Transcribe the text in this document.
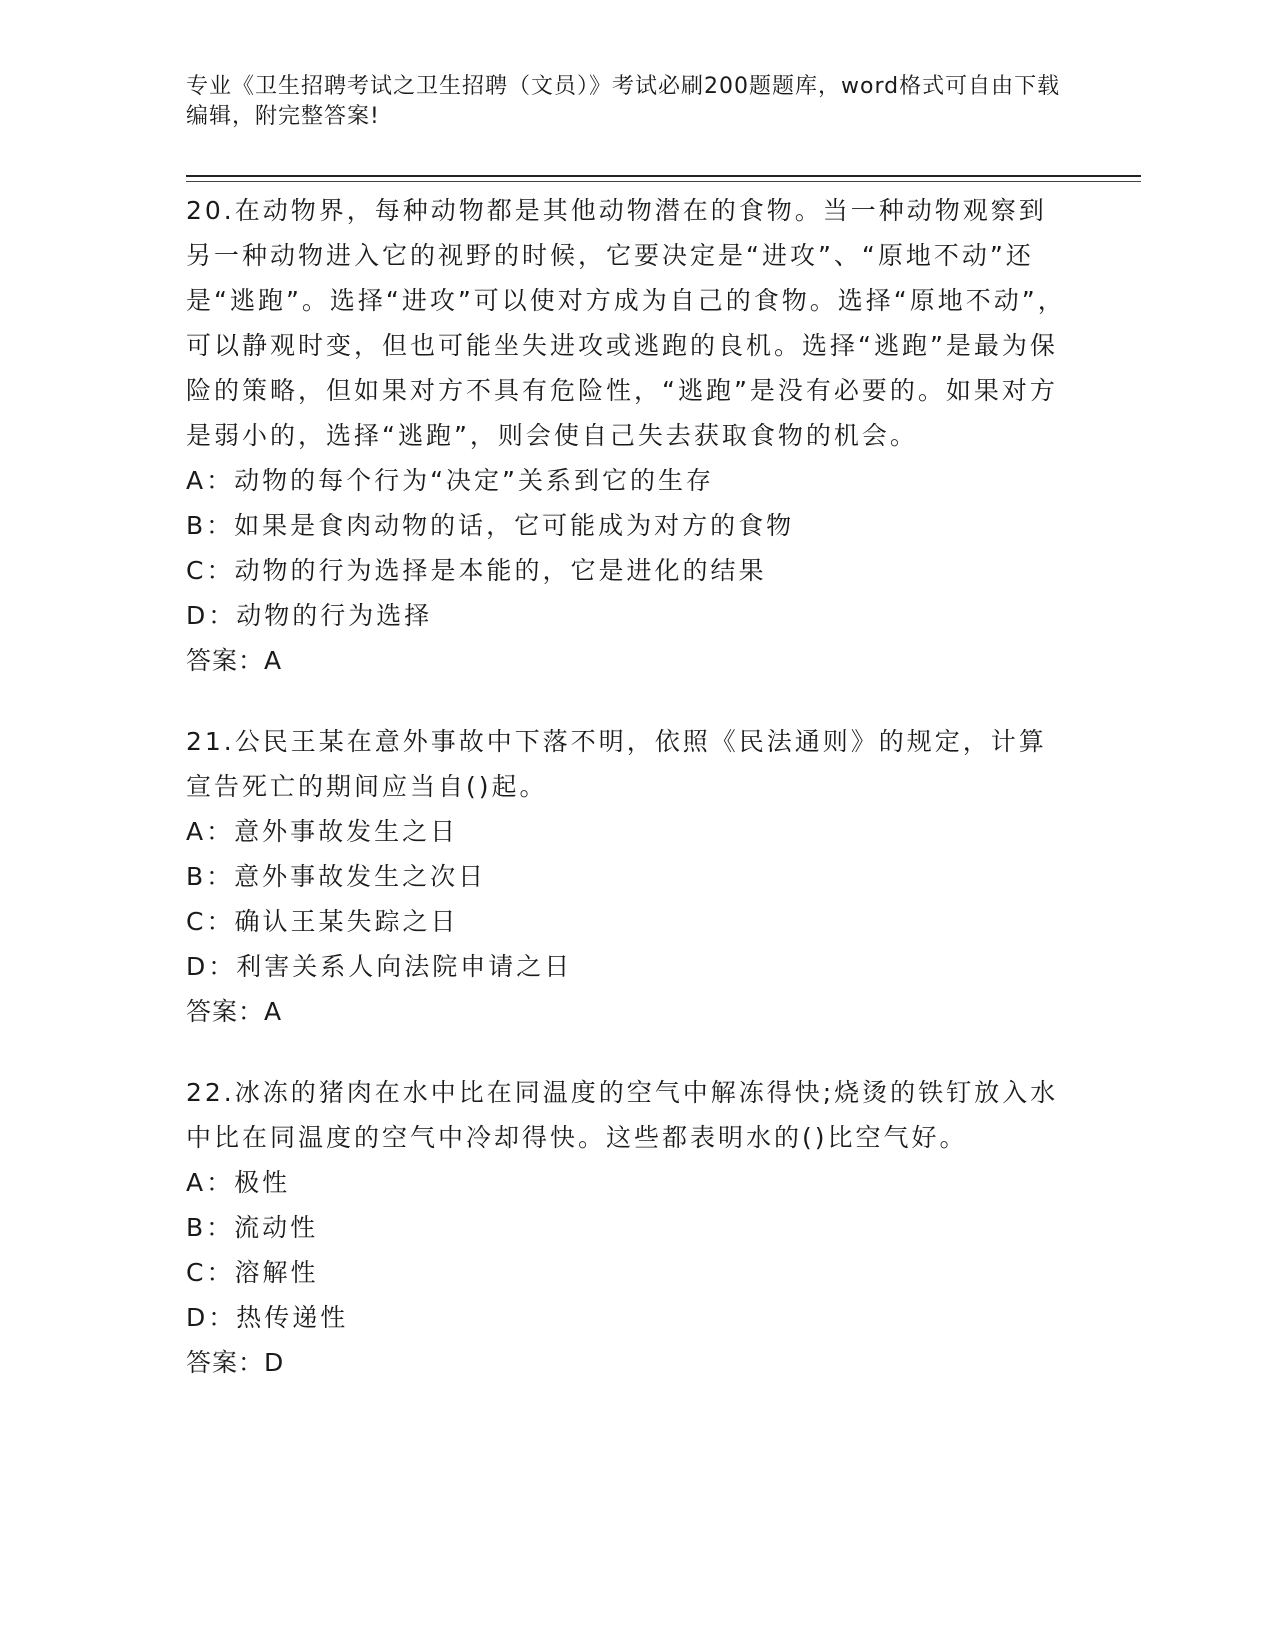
专业《卫生招聘考试之卫生招聘（文员）》考试必刷200题题库，word格式可自由下载编辑，附完整答案!

20.在动物界，每种动物都是其他动物潜在的食物。当一种动物观察到另一种动物进入它的视野的时候，它要决定是“进攻”、“原地不动”还是“逃跑”。选择“进攻”可以使对方成为自己的食物。选择“原地不动”，可以静观时变，但也可能坐失进攻或逃跑的良机。选择“逃跑”是最为保险的策略，但如果对方不具有危险性，“逃跑”是没有必要的。如果对方是弱小的，选择“逃跑”，则会使自己失去获取食物的机会。

A：动物的每个行为“决定”关系到它的生存

B：如果是食肉动物的话，它可能成为对方的食物

C：动物的行为选择是本能的，它是进化的结果

D：动物的行为选择

答案：A

21.公民王某在意外事故中下落不明，依照《民法通则》的规定，计算宣告死亡的期间应当自()起。

A：意外事故发生之日

B：意外事故发生之次日

C：确认王某失踪之日

D：利害关系人向法院申请之日

答案：A

22.冰冻的猪肉在水中比在同温度的空气中解冻得快;烧烫的铁钉放入水中比在同温度的空气中冷却得快。这些都表明水的()比空气好。

A：极性

B：流动性

C：溶解性

D：热传递性

答案：D
